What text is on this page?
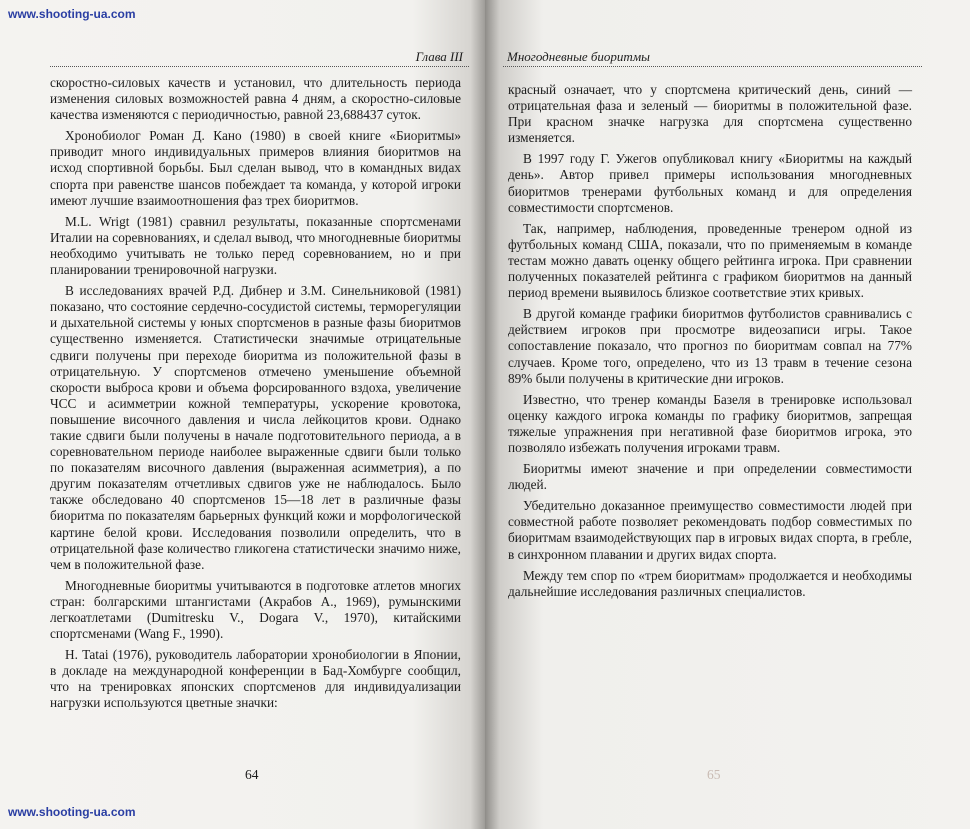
www.shooting-ua.com
Глава III

скоростно-силовых качеств и установил, что длительность периода изменения силовых возможностей равна 4 дням, а скоростно-силовые качества изменяются с периодичностью, равной 23,688437 суток.

Хронобиолог Роман Д. Кано (1980) в своей книге «Биоритмы» приводит много индивидуальных примеров влияния биоритмов на исход спортивной борьбы. Был сделан вывод, что в командных видах спорта при равенстве шансов побеждает та команда, у которой игроки имеют лучшие взаимоотношения фаз трех биоритмов.

M.L. Wrigt (1981) сравнил результаты, показанные спортсменами Италии на соревнованиях, и сделал вывод, что многодневные биоритмы необходимо учитывать не только перед соревнованием, но и при планировании тренировочной нагрузки.

В исследованиях врачей Р.Д. Дибнер и З.М. Синельниковой (1981) показано, что состояние сердечно-сосудистой системы, терморегуляции и дыхательной системы у юных спортсменов в разные фазы биоритмов существенно изменяется. Статистически значимые отрицательные сдвиги получены при переходе биоритма из положительной фазы в отрицательную. У спортсменов отмечено уменьшение объемной скорости выброса крови и объема форсированного вздоха, увеличение ЧСС и асимметрии кожной температуры, ускорение кровотока, повышение височного давления и числа лейкоцитов крови. Однако такие сдвиги были получены в начале подготовительного периода, а в соревновательном периоде наиболее выраженные сдвиги были только по показателям височного давления (выраженная асимметрия), а по другим показателям отчетливых сдвигов уже не наблюдалось. Было также обследовано 40 спортсменов 15—18 лет в различные фазы биоритма по показателям барьерных функций кожи и морфологической картине белой крови. Исследования позволили определить, что в отрицательной фазе количество гликогена статистически значимо ниже, чем в положительной фазе.

Многодневные биоритмы учитываются в подготовке атлетов многих стран: болгарскими штангистами (Акрабов А., 1969), румынскими легкоатлетами (Dumitresku V., Dogara V., 1970), китайскими спортсменами (Wang F., 1990).

Н. Tatai (1976), руководитель лаборатории хронобиологии в Японии, в докладе на международной конференции в Бад-Хомбурге сообщил, что на тренировках японских спортсменов для индивидуализации нагрузки используются цветные значки:

64
www.shooting-ua.com
Многодневные биоритмы

красный означает, что у спортсмена критический день, синий — отрицательная фаза и зеленый — биоритмы в положительной фазе. При красном значке нагрузка для спортсмена существенно изменяется.

В 1997 году Г. Ужегов опубликовал книгу «Биоритмы на каждый день». Автор привел примеры использования многодневных биоритмов тренерами футбольных команд и для определения совместимости спортсменов.

Так, например, наблюдения, проведенные тренером одной из футбольных команд США, показали, что по применяемым в команде тестам можно давать оценку общего рейтинга игрока. При сравнении полученных показателей рейтинга с графиком биоритмов на данный период времени выявилось близкое соответствие этих кривых.

В другой команде графики биоритмов футболистов сравнивались с действием игроков при просмотре видеозаписи игры. Такое сопоставление показало, что прогноз по биоритмам совпал на 77% случаев. Кроме того, определено, что из 13 травм в течение сезона 89% были получены в критические дни игроков.

Известно, что тренер команды Базеля в тренировке использовал оценку каждого игрока команды по графику биоритмов, запрещая тяжелые упражнения при негативной фазе биоритмов игрока, это позволяло избежать получения игроками травм.

Биоритмы имеют значение и при определении совместимости людей.

Убедительно доказанное преимущество совместимости людей при совместной работе позволяет рекомендовать подбор совместимых по биоритмам взаимодействующих пар в игровых видах спорта, в гребле, в синхронном плавании и других видах спорта.

Между тем спор по «трем биоритмам» продолжается и необходимы дальнейшие исследования различных специалистов.

65
